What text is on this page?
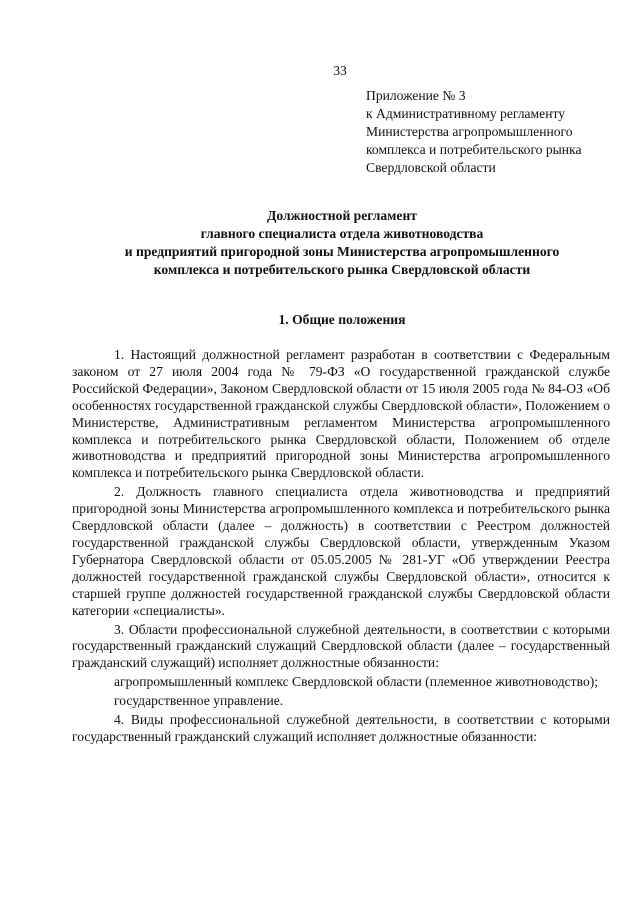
33
Приложение № 3
к Административному регламенту
Министерства агропромышленного
комплекса и потребительского рынка
Свердловской области
Должностной регламент
главного специалиста отдела животноводства
и предприятий пригородной зоны Министерства агропромышленного
комплекса и потребительского рынка Свердловской области
1. Общие положения

1. Настоящий должностной регламент разработан в соответствии с Федеральным законом от 27 июля 2004 года № 79-ФЗ «О государственной гражданской службе Российской Федерации», Законом Свердловской области от 15 июля 2005 года № 84-ОЗ «Об особенностях государственной гражданской службы Свердловской области», Положением о Министерстве, Административным регламентом Министерства агропромышленного комплекса и потребительского рынка Свердловской области, Положением об отделе животноводства и предприятий пригородной зоны Министерства агропромышленного комплекса и потребительского рынка Свердловской области.

2. Должность главного специалиста отдела животноводства и предприятий пригородной зоны Министерства агропромышленного комплекса и потребительского рынка Свердловской области (далее – должность) в соответствии с Реестром должностей государственной гражданской службы Свердловской области, утвержденным Указом Губернатора Свердловской области от 05.05.2005 № 281-УГ «Об утверждении Реестра должностей государственной гражданской службы Свердловской области», относится к старшей группе должностей государственной гражданской службы Свердловской области категории «специалисты».

3. Области профессиональной служебной деятельности, в соответствии с которыми государственный гражданский служащий Свердловской области (далее – государственный гражданский служащий) исполняет должностные обязанности:

агропромышленный комплекс Свердловской области (племенное животноводство);

государственное управление.

4. Виды профессиональной служебной деятельности, в соответствии с которыми государственный гражданский служащий исполняет должностные обязанности:
